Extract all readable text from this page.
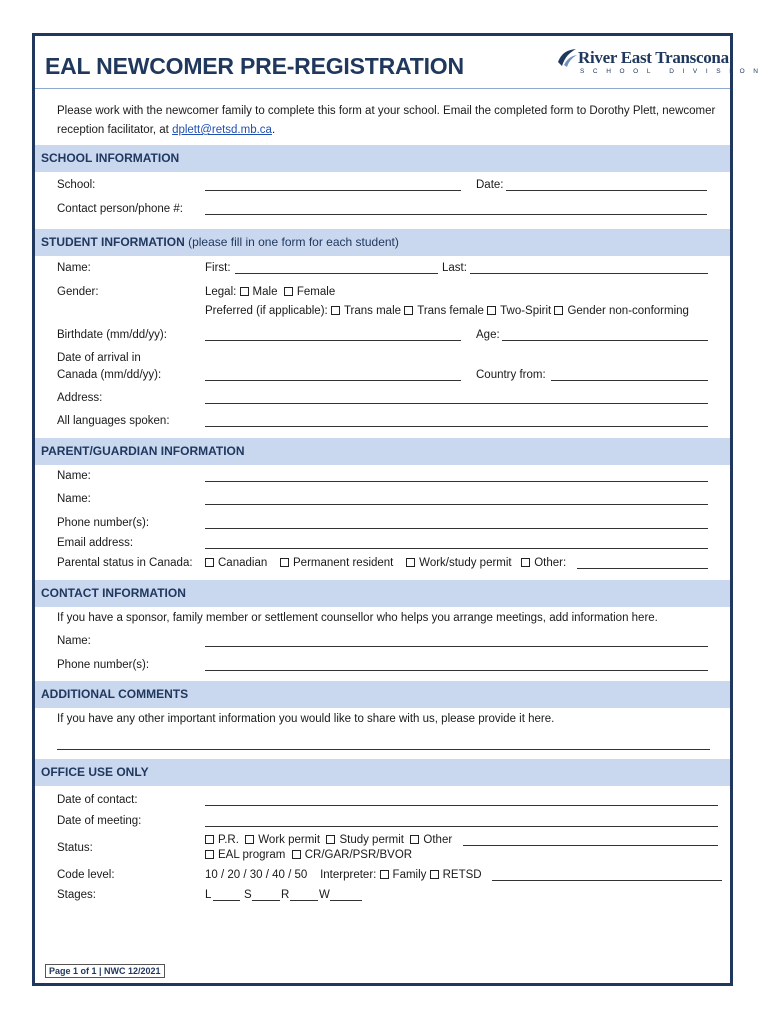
EAL NEWCOMER PRE-REGISTRATION	River East Transcona
SCHOOL DIVISION
Please work with the newcomer family to complete this form at your school. Email the completed form to Dorothy Plett, newcomer reception facilitator, at dplett@retsd.mb.ca.
SCHOOL INFORMATION
School:	Date:
Contact person/phone #:
STUDENT INFORMATION (please fill in one form for each student)
Name:	First:	Last:
Gender:	Legal: Male Female
Preferred (if applicable): Trans male Trans female Two-Spirit Gender non-conforming
Birthdate (mm/dd/yy):	Age:
Date of arrival in
Canada (mm/dd/yy):	Country from:
Address:
All languages spoken:
PARENT/GUARDIAN INFORMATION
Name:
Name:
Phone number(s):
Email address:
Parental status in Canada:	Canadian Permanent resident Work/study permit Other:
CONTACT INFORMATION
If you have a sponsor, family member or settlement counsellor who helps you arrange meetings, add information here.
Name:
Phone number(s):
ADDITIONAL COMMENTS
If you have any other important information you would like to share with us, please provide it here.
OFFICE USE ONLY
Date of contact:
Date of meeting:
Status:
P.R. Work permit Study permit Other
EAL program CR/GAR/PSR/BVOR
Code level:	10 / 20 / 30 / 40 / 50 Interpreter: Family RETSD
Stages:	L	S	R	W
Page 1 of 1 | NWC 12/2021
